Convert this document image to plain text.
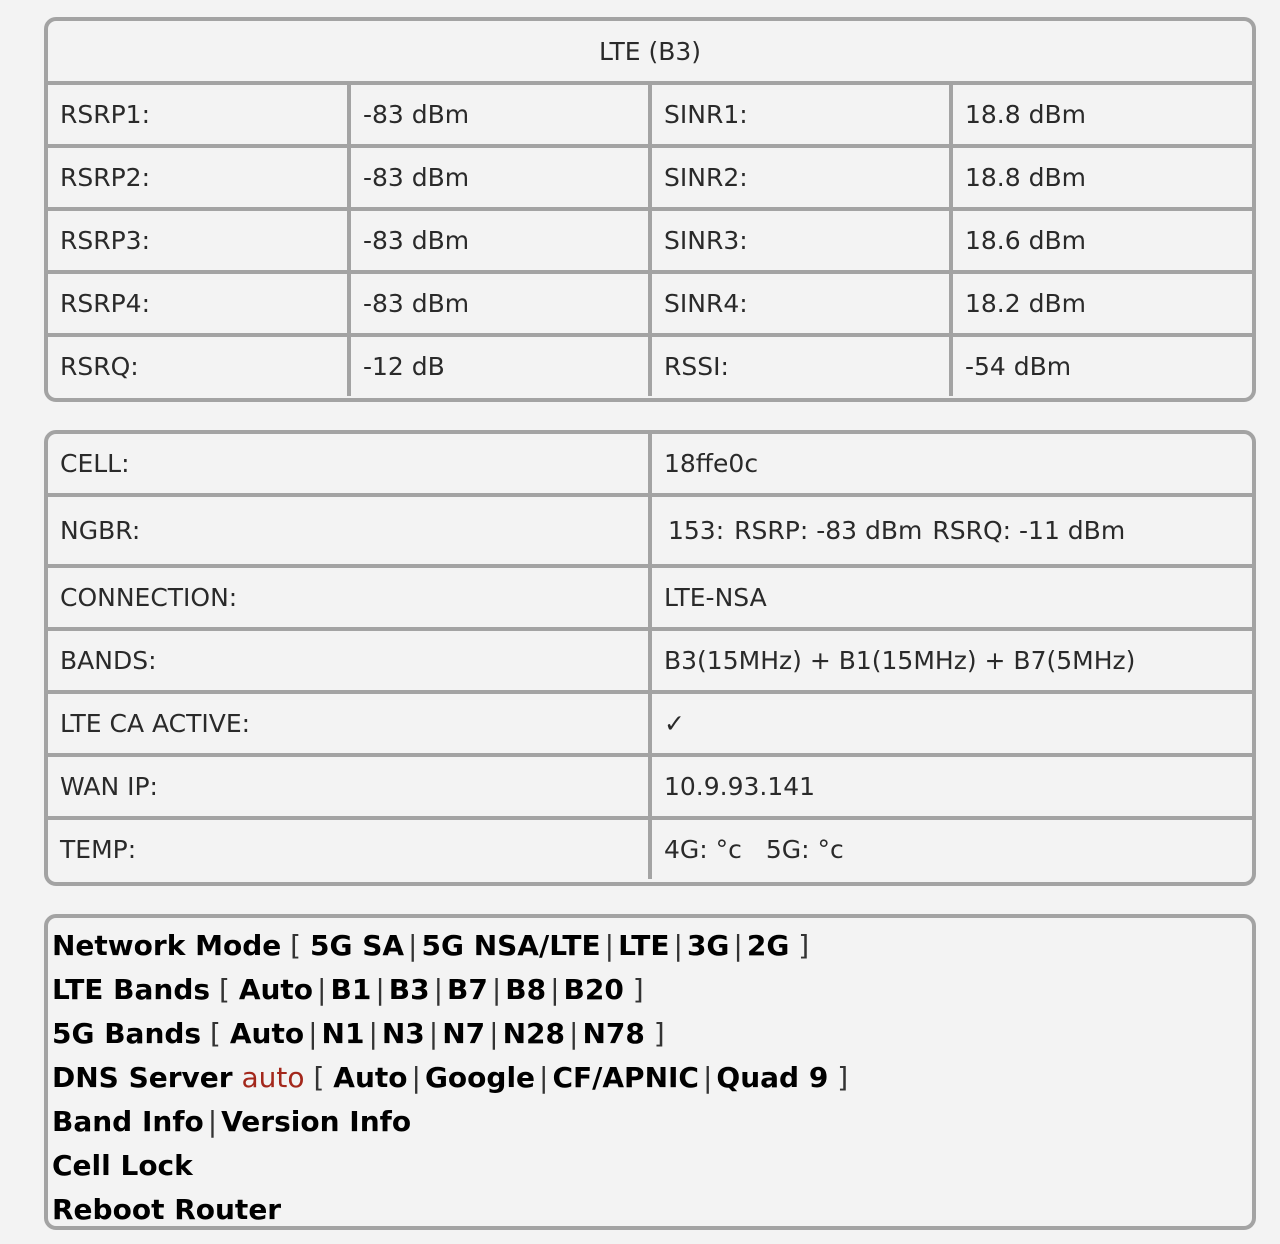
LTE (B3)			
RSRP1:	-83 dBm	SINR1:	18.8 dBm
RSRP2:	-83 dBm	SINR2:	18.8 dBm
RSRP3:	-83 dBm	SINR3:	18.6 dBm
RSRP4:	-83 dBm	SINR4:	18.2 dBm
RSRQ:	-12 dB	RSSI:	-54 dBm
CELL:	18ffe0c
NGBR:	153: RSRP: -83 dBm RSRQ: -11 dBm
CONNECTION:	LTE-NSA
BANDS:	B3(15MHz) + B1(15MHz) + B7(5MHz)
LTE CA ACTIVE:	✓
WAN IP:	10.9.93.141
TEMP:	4G: °c 5G: °c
Network Mode [ 5G SA | 5G NSA/LTE | LTE | 3G | 2G ]
LTE Bands [ Auto | B1 | B3 | B7 | B8 | B20 ]
5G Bands [ Auto | N1 | N3 | N7 | N28 | N78 ]
DNS Server auto [ Auto | Google | CF/APNIC | Quad 9 ]
Band Info | Version Info
Cell Lock
Reboot Router
